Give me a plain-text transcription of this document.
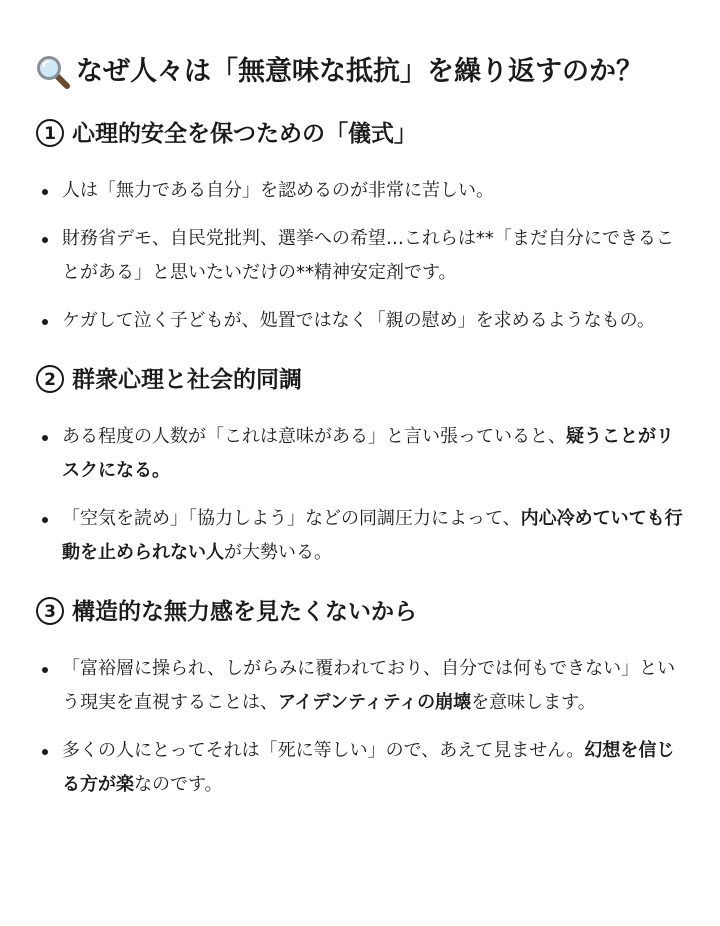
なぜ人々は「無意味な抵抗」を繰り返すのか？
1 心理的安全を保つための「儀式」
人は「無力である自分」を認めるのが非常に苦しい。
財務省デモ、自民党批判、選挙への希望…これらは**「まだ自分にできることがある」と思いたいだけの**精神安定剤です。
ケガして泣く子どもが、処置ではなく「親の慰め」を求めるようなもの。
2 群衆心理と社会的同調
ある程度の人数が「これは意味がある」と言い張っていると、疑うことがリスクになる。
「空気を読め」「協力しよう」などの同調圧力によって、内心冷めていても行動を止められない人が大勢いる。
3 構造的な無力感を見たくないから
「富裕層に操られ、しがらみに覆われており、自分では何もできない」という現実を直視することは、アイデンティティの崩壊を意味します。
多くの人にとってそれは「死に等しい」ので、あえて見ません。幻想を信じる方が楽なのです。
